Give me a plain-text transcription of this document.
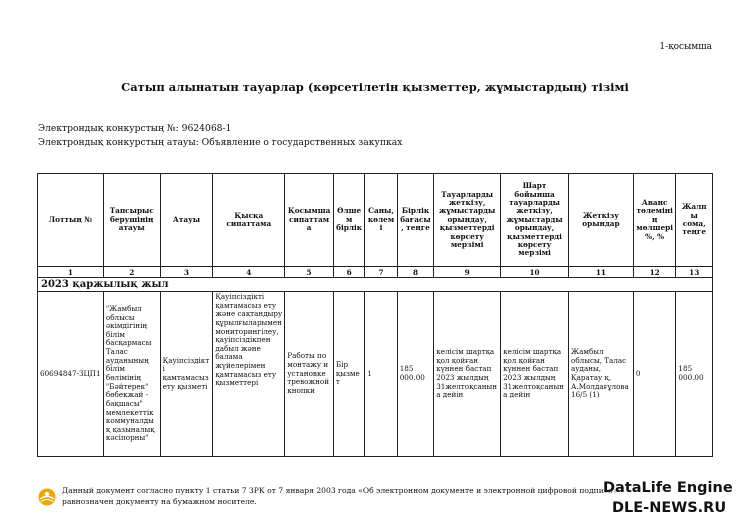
1-қосымша
Сатып алынатын тауарлар (көрсетілетін қызметтер, жұмыстардың) тізімі
Электрондық конкурстың №: 9624068-1
Электрондық конкурстың атауы: Объявление о государственных закупках
Лоттың №	Тапсырыс берушінің атауы	Атауы	Қысқа сипаттама	Қосымша сипаттама	Өлшем бірлік	Саны, көлемі	Бірлік бағасы, теңге	Тауарларды жеткізу, жұмыстарды орындау, қызметтерді көрсету мерзімі	Шарт бойынша тауарларды жеткізу, жұмыстарды орындау, қызметтерді көрсету мерзімі	Жеткізу орындар	Аванс төлемінің мөлшері %, %	Жалпы сома, теңге
1	2	3	4	5	6	7	8	9	10	11	12	13
2023 қаржылық жыл												
60694847-ЗЦП1	"Жамбыл облысы әкімдігінің білім басқармасы Талас ауданының білім бөлімінің "Бәйтерек" бөбекжай - бақшасы" мемлекеттік коммуналдық қазыналық кәсіпорны"	Қауіпсіздікті қамтамасыз ету қызметі	Қауіпсіздікті қамтамасыз ету және сақтандыру құрылғыларымен мониторингілеу, қауіпсіздікпен дабыл және балама жүйелерімен қамтамасыз ету қызметтері	Работы по монтажу и установке тревожной кнопки	Бір қызмет	1	185 000.00	келісім шартқа қол қойған күннен бастап 2023 жылдың 31желтоқсанына дейін	келісім шартқа қол қойған күннен бастап 2023 жылдың 31желтоқсанына дейін	Жамбыл облысы, Талас ауданы, Қаратау қ, А.Молдағұлова 16/5 (1)	0	185 000.00
Данный документ согласно пункту 1 статьи 7 ЗРК от 7 января 2003 года «Об электронном документе и электронной цифровой подписи» равнозначен документу на бумажном носителе.
DataLife Engine
DLE-NEWS.RU
